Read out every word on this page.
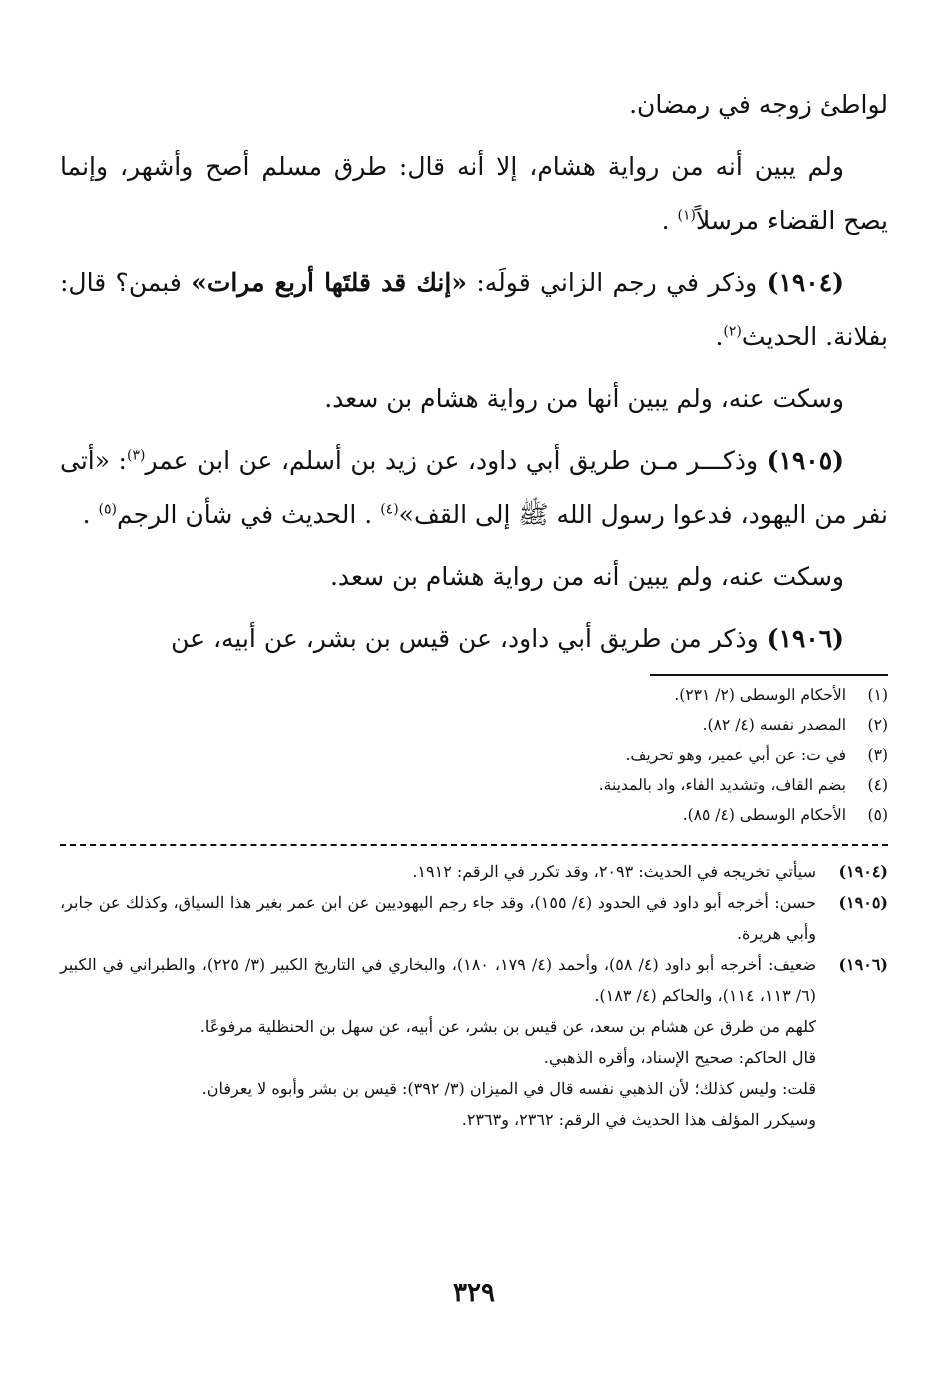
لواطئ زوجه في رمضان.

ولم يبين أنه من رواية هشام، إلا أنه قال: طرق مسلم أصح وأشهر، وإنما يصح القضاء مرسلاً$^{(١)}$ .

(١٩٠٤) وذكر في رجم الزاني قولَه: «إنك قد قلتَها أربع مرات» فبمن؟ قال: بفلانة. الحديث$^{(٢)}$.

وسكت عنه، ولم يبين أنها من رواية هشام بن سعد.

(١٩٠٥) وذكـــر مـن طريق أبي داود، عن زيد بن أسلم، عن ابن عمر$^{(٣)}$: «أتى نفر من اليهود، فدعوا رسول الله ﷺ إلى القف»$^{(٤)}$ . الحديث في شأن الرجم$^{(٥)}$ .

وسكت عنه، ولم يبين أنه من رواية هشام بن سعد.

(١٩٠٦) وذكر من طريق أبي داود، عن قيس بن بشر، عن أبيه، عن

(١)
الأحكام الوسطى (٢/ ٢٣١).
(٢)
المصدر نفسه (٤/ ٨٢).
(٣)
في ت: عن أبي عمير، وهو تحريف.
(٤)
بضم القاف، وتشديد الفاء، واد بالمدينة.
(٥)
الأحكام الوسطى (٤/ ٨٥).
(١٩٠٤)
سيأتي تخريجه في الحديث: ٢٠٩٣، وقد تكرر في الرقم: ١٩١٢.
(١٩٠٥)
حسن: أخرجه أبو داود في الحدود (٤/ ١٥٥)، وقد جاء رجم اليهوديين عن ابن عمر بغير هذا السياق، وكذلك عن جابر، وأبي هريرة.
(١٩٠٦)
ضعيف: أخرجه أبو داود (٤/ ٥٨)، وأحمد (٤/ ١٧٩، ١٨٠)، والبخاري في التاريخ الكبير (٣/ ٢٢٥)، والطبراني في الكبير (٦/ ١١٣، ١١٤)، والحاكم (٤/ ١٨٣).
كلهم من طرق عن هشام بن سعد، عن قيس بن بشر، عن أبيه، عن سهل بن الحنظلية مرفوعًا.
قال الحاكم: صحيح الإسناد، وأقره الذهبي.
قلت: وليس كذلك؛ لأن الذهبي نفسه قال في الميزان (٣/ ٣٩٢): قيس بن بشر وأبوه لا يعرفان.
وسيكرر المؤلف هذا الحديث في الرقم: ٢٣٦٢، و٢٣٦٣.
٣٢٩
